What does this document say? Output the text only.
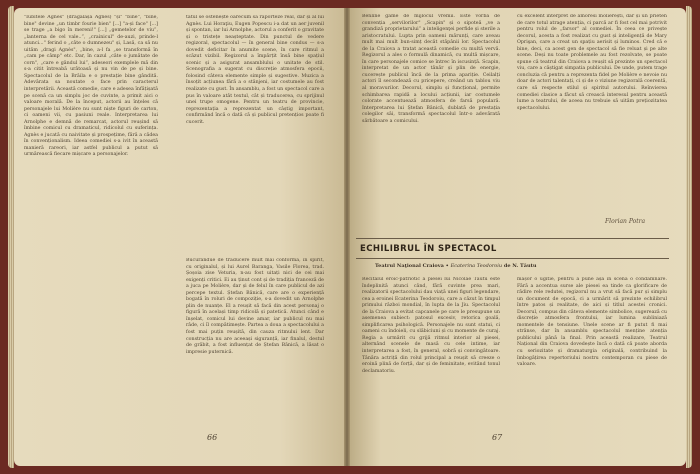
"Iubitele Agnès" (drăgălașa Agnès) "și" "bine", "bine, bine" devine „un timbr fourie bien" [...] "a-și face" [...] se trage „a bigo în mereni!" [...] „gemetelor de viu”, „lanterna de cel vale..”, „crainicul" de-auzi, prinde-l atunci..." ferind o „câte o dumnezeu" și, Lasă, ca să nu uităm „dragi Agnès", „bine, a-l fa „se transformă în „cam pe câmp" etc. Dar, în cazul „câte o jumătate de corn", „care e gândul lui”, adeseori exemplele mă din s-a citit întreabă urâtoasă și nu vin de pe și bine. Spectacolul de la Brăila e o prestație bine gândită. Adevărata sa noutate o face prin caracterul interpretării. Această comedie, care e adesea înfățișată pe scenă ca un simplu joc de cuvinte, a primit aici o valoare morală. De la început, actorii au înțeles că personajele lui Molière nu sunt niște figuri de carton, ci oameni vii, cu pasiuni reale. Interpretarea lui Arnolphe e demnă de remarcat, actorul reușind să îmbine comicul cu dramaticul, ridicolul cu suferința. Agnès e jucată cu naivitate și prospețime, fără a cădea în convenționalism. Ideea comediei s-a ivit în această manieră rareori, iar astfel publicul a putut să urmărească fiecare mișcare a personajelor.

tatul se ostenește oarecum să raporteze real, dar și al lui Agnès. Lui Horaţiu, Eugen Popescu i-a dat un aer juvenil și spontan, iar lui Arnolphe, actorul a conferit o gravitate și o tristețe neașteptate. Din punctul de vedere regizoral, spectacolul — în general bine condus — s-a dovedit deficitar în anumite scene, în care ritmul a scăzut vizibil. Regizorul a împărțit însă bine spațiul scenic și a asigurat ansamblului o unitate de stil. Scenografia a sugerat cu discreție atmosfera epocii, folosind câteva elemente simple și sugestive. Muzica a însoțit acțiunea fără a o stânjeni, iar costumele au fost realizate cu gust. În ansamblu, a fost un spectacol care a pus în valoare atât textul, cât și traducerea, cu sprijinul unei trupe omogene. Pentru un teatru de provincie, reprezentația a reprezentat un câștig important, confirmând încă o dată că și publicul pretențios poate fi cucerit.

Bucurândue de traducere mult mai conformă, în spirit, cu originalul, și lui Aurel Baranga, Vasile Florea, trad. Șoșoia zise Veturia, n-au fost uitați nici de cei mai exigenți critici. Ei au ținut cont și de tradiția franceză de a juca pe Molière, dar și de felul în care publicul de azi percepe textul. Ștefan Bănică, care are o experiență bogată în roluri de compoziție, s-a dovedit un Arnolphe plin de nuanțe. El a reușit să facă din acest personaj o figură în același timp ridicolă și patetică. Atunci când e înșelat, comicul lui devine amar, iar publicul nu mai râde, ci îl compătimește. Partea a doua a spectacolului a fost mai puțin reușită, din cauza ritmului lent. Dar construcția nu are aceeași siguranță, iar finalul, destul de grăbit, a fost influențat de Ștefan Bănică, a lăsat o impresie puternică.

66

Benline game de mijlocul vremii. Este vorba de convenția „servilorilor" „Scapin" și o sipoteă „ve a grandiză proprietarului” a inteligenţei perfide și sterile a aristocratului. Lupta prin oameni mărunți, care aveau mult mai mult bun-simț decât stăpânii lor. Spectacolul de la Craiova a tratat această comedie cu multă vervă. Regizorul a ales o formulă dinamică, cu multă mișcare, în care personajele comice se întrec în iscusință. Scapin, interpretat de un actor tânăr și plin de energie, cucerește publicul încă de la prima apariție. Ceilalți actori îl secondează cu pricepere, creând un tablou viu al moravurilor. Decorul, simplu și funcțional, permite schimbarea rapidă a locului acțiunii, iar costumele colorate accentuează atmosfera de farsă populară. Interpretarea lui Ștefan Bănică, dublată de prestația colegilor săi, transformă spectacolul într-o adevărată sărbătoare a comicului.

cu excelent interpret de amoresi molierești, dar și un prieten de care totul atrage atenția, ci parcă ar fi fost cel mai potrivit pentru rolul de „farsor" al comediei. În ceea ce privește decorul, acesta a fost realizat cu gust și inteligență de Mary Oprişan, care a creat un spațiu aerisit și luminos. Cred că e bine, deci, ca acest gen de spectacol să fie reluat și pe alte scene. Deși nu toate problemele au fost rezolvate, se poate spune că teatrul din Craiova a reușit să prezinte un spectacol viu, care a câștigat simpatia publicului. De unde, putem trage concluzia că pentru a reprezenta fidel pe Molière e nevoie nu doar de actori talentați, ci și de o viziune regizorală coerentă, care să respecte stilul și spiritul autorului. Reînvierea comediei clasice a făcut să crească interesul pentru această lume a teatrului, de aceea nu trebuie să uităm prețiozitatea spectacolului.

Florian Potra
ECHILIBRUL ÎN SPECTACOL
Teatrul Naţional Craiova • Ecaterina Teodoroiu de N. Tăutu

Recitalul eroic-patriotic a piesei lui Nicolae Tăutu este îndeplinită atunci când, fără cuvinte prea mari, realizatorii spectacolului dau viață unei figuri legendare, cea a eroinei Ecaterina Teodoroiu, care a căzut în timpul primului război mondial, în lupta de la Jiu. Spectacolul de la Craiova a evitat capcanele pe care le presupune un asemenea subiect: patosul excesiv, retorica goală, simplificarea psihologică. Personajele nu sunt statui, ci oameni cu îndoieli, cu slăbiciuni și cu momente de curaj. Regia a urmărit cu grijă ritmul interior al piesei, alternând scenele de masă cu cele intime, iar interpretarea a fost, în general, sobră și convingătoare. Tânăra actriță din rolul principal a reușit să creeze o eroină plină de forță, dar și de feminitate, evitând tonul declamatoriu.

mașor o ugitie, pentru a pune așa în scenă o condamnare. Fără a accentua surse ale piesei ea tinde ca glorificare de rădire rele redutei, regizorul nu a vrut să facă pur și simplu un document de epocă, ci a urmărit să prezinte echilibrul între patos și realitate, de aici și titlul acestei cronici. Decorul, compus din câteva elemente simbolice, sugerează cu discreție atmosfera frontului, iar lumina subliniază momentele de tensiune. Unele scene ar fi putut fi mai strânse, dar în ansamblu spectacolul menține atenția publicului până la final. Prin această realizare, Teatrul Național din Craiova dovedește încă o dată că poate aborda cu seriozitate și dramaturgia originală, contribuind la îmbogățirea repertoriului nostru contemporan cu piese de valoare.

67
